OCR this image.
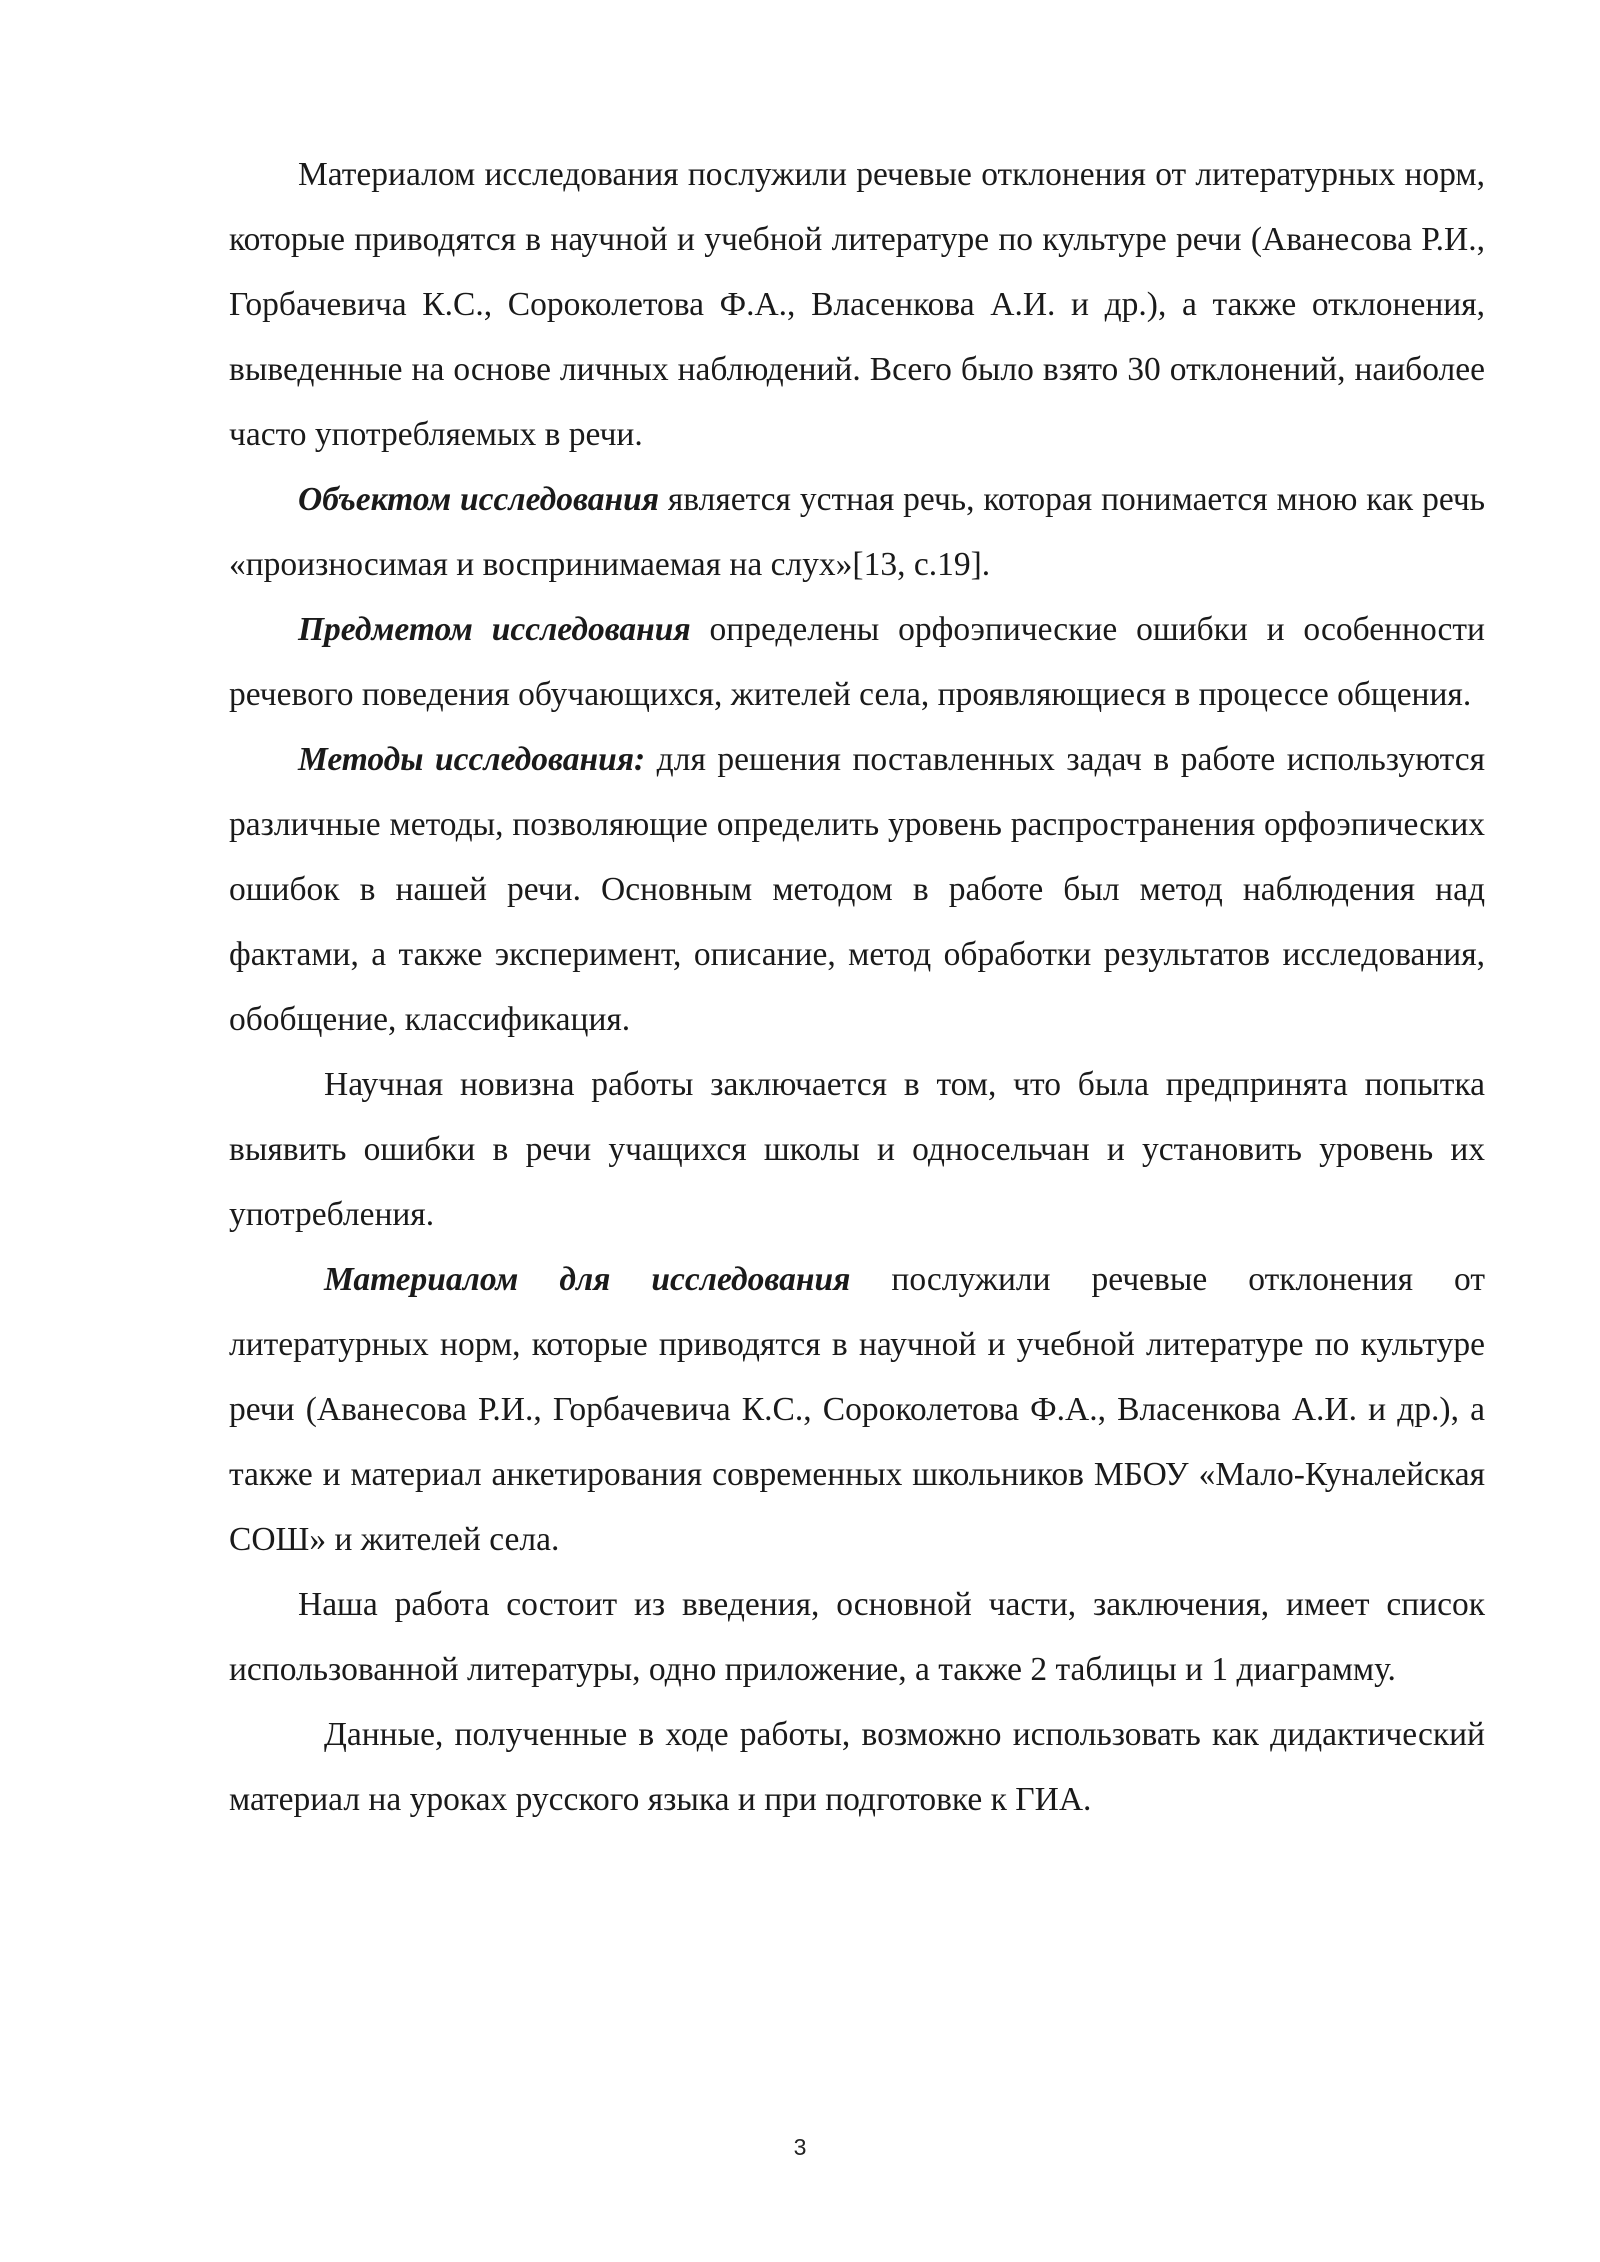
Материалом исследования послужили речевые отклонения от литературных норм, которые приводятся в научной и учебной литературе по культуре речи (Аванесова Р.И., Горбачевича К.С., Сороколетова Ф.А., Власенкова А.И. и др.), а также отклонения, выведенные на основе личных наблюдений. Всего было взято 30 отклонений, наиболее часто употребляемых в речи.

Объектом исследования является устная речь, которая понимается мною как речь «произносимая и воспринимаемая на слух»[13, с.19].

Предметом исследования определены орфоэпические ошибки и особенности речевого поведения обучающихся, жителей села, проявляющиеся в процессе общения.

Методы исследования: для решения поставленных задач в работе используются различные методы, позволяющие определить уровень распространения орфоэпических ошибок в нашей речи. Основным методом в работе был метод наблюдения над фактами, а также эксперимент, описание, метод обработки результатов исследования, обобщение, классификация.

Научная новизна работы заключается в том, что была предпринята попытка выявить ошибки в речи учащихся школы и односельчан и установить уровень их употребления.

Материалом для исследования послужили речевые отклонения от литературных норм, которые приводятся в научной и учебной литературе по культуре речи (Аванесова Р.И., Горбачевича К.С., Сороколетова Ф.А., Власенкова А.И. и др.), а также и материал анкетирования современных школьников МБОУ «Мало-Куналейская СОШ» и жителей села.

Наша работа состоит из введения, основной части, заключения, имеет список использованной литературы, одно приложение, а также 2 таблицы и 1 диаграмму.

Данные, полученные в ходе работы, возможно использовать как дидактический материал на уроках русского языка и при подготовке к ГИА.

3
